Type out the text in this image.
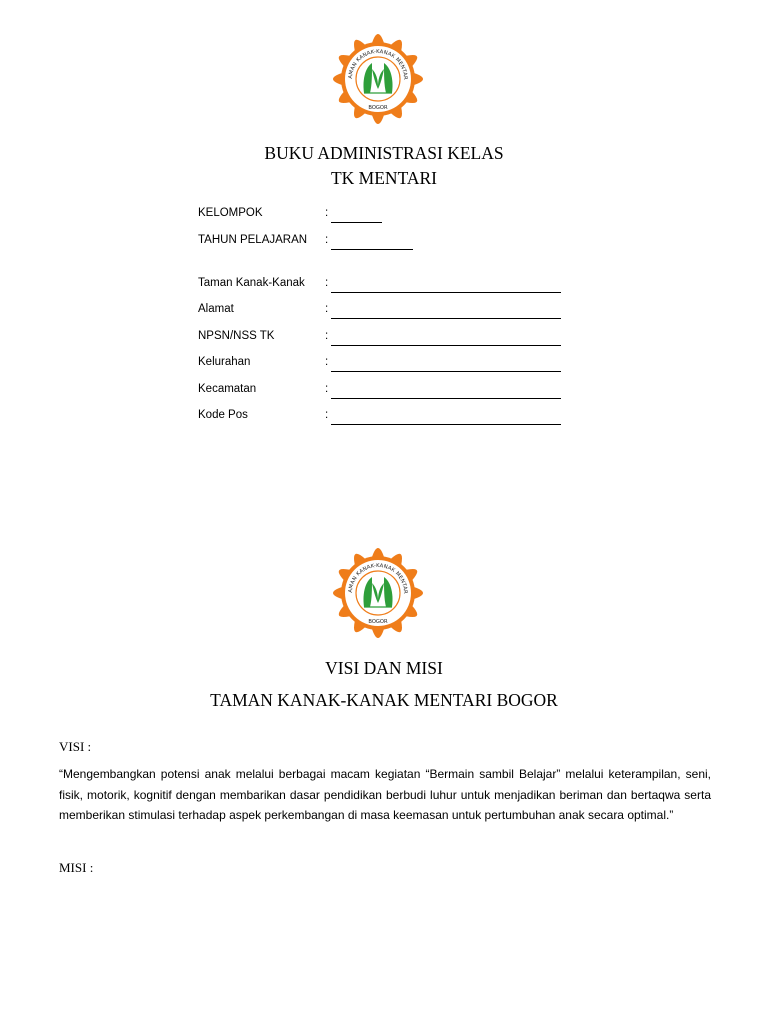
BUKU ADMINISTRASI KELAS
TK MENTARI
KELOMPOK	:
TAHUN PELAJARAN :
Taman Kanak-Kanak :
Alamat	:
NPSN/NSS TK	:
Kelurahan	:
Kecamatan	:
Kode Pos	:
VISI DAN MISI
TAMAN KANAK-KANAK MENTARI BOGOR
VISI :
“Mengembangkan potensi anak melalui berbagai macam kegiatan “Bermain sambil Belajar” melalui keterampilan, seni, fisik, motorik, kognitif dengan membarikan dasar pendidikan berbudi luhur untuk menjadikan beriman dan bertaqwa serta memberikan stimulasi terhadap aspek perkembangan di masa keemasan untuk pertumbuhan anak secara optimal.”
MISI :
